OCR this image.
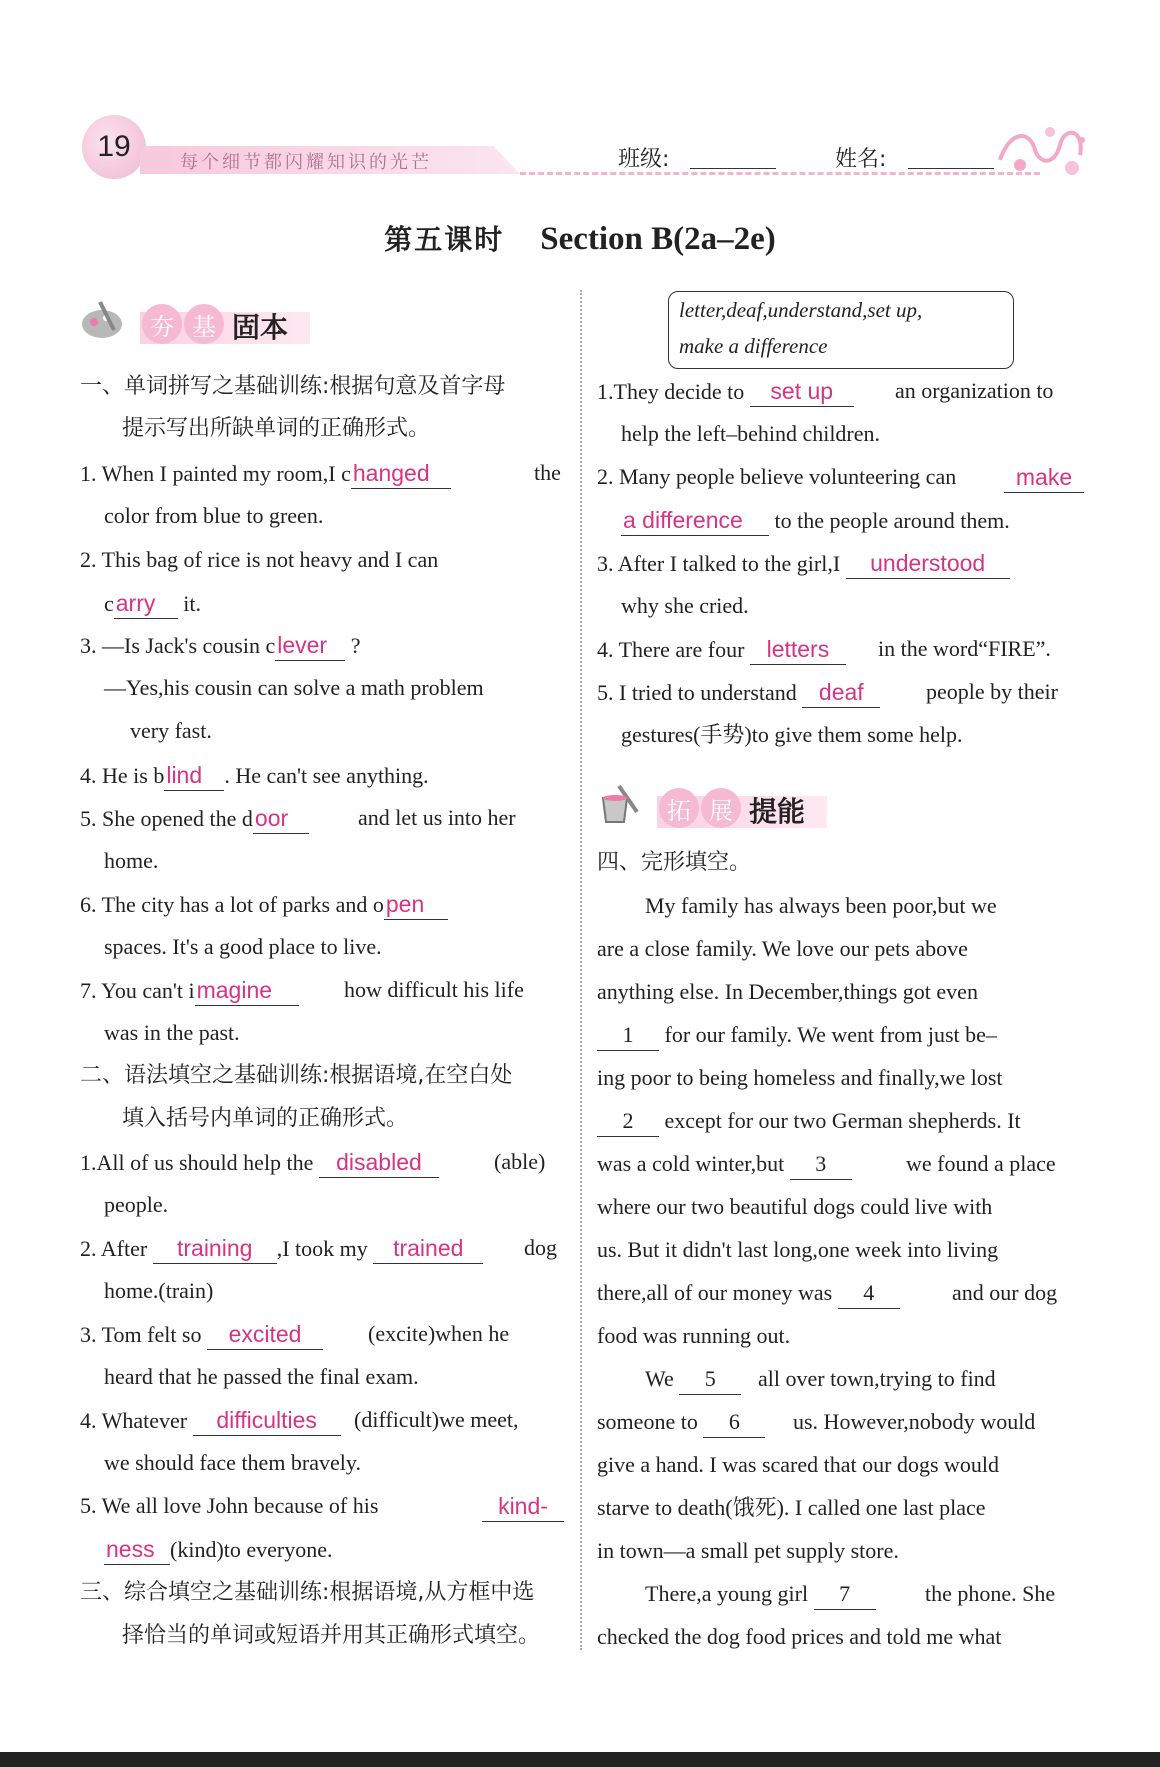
19	每个细节都闪耀知识的光芒	班级:	姓名:
第五课时 Section B(2a–2e)
夯 基 固本
一、单词拼写之基础训练:根据句意及首字母
提示写出所缺单词的正确形式。
1. When I painted my room,I changed	the
color from blue to green.
2. This bag of rice is not heavy and I can
carry it.
3. —Is Jack's cousin clever ?
—Yes,his cousin can solve a math problem
very fast.
4. He is blind . He can't see anything.
5. She opened the door	and let us into her
home.
6. The city has a lot of parks and open
spaces. It's a good place to live.
7. You can't imagine	how difficult his life
was in the past.
二、语法填空之基础训练:根据语境,在空白处
填入括号内单词的正确形式。
1.All of us should help the disabled	(able)
people.
2. After training ,I took my trained	dog
home.(train)
3. Tom felt so excited	(excite)when he
heard that he passed the final exam.
4. Whatever difficulties	(difficult)we meet,
we should face them bravely.
5. We all love John because of his	kind-
ness (kind)to everyone.
三、综合填空之基础训练:根据语境,从方框中选
择恰当的单词或短语并用其正确形式填空。
letter,deaf,understand,set up,
make a difference
1.They decide to set up	an organization to
help the left–behind children.
2. Many people believe volunteering can	make
a difference to the people around them.
3. After I talked to the girl,I understood
why she cried.
4. There are four letters	in the word“FIRE”.
5. I tried to understand deaf	people by their
gestures(手势)to give them some help.
拓 展 提能
四、完形填空。
My family has always been poor,but we
are a close family. We love our pets above
anything else. In December,things got even
1 for our family. We went from just be–
ing poor to being homeless and finally,we lost
2 except for our two German shepherds. It
was a cold winter,but 3	we found a place
where our two beautiful dogs could live with
us. But it didn't last long,one week into living
there,all of our money was 4	and our dog
food was running out.
We 5	all over town,trying to find
someone to 6	us. However,nobody would
give a hand. I was scared that our dogs would
starve to death(饿死). I called one last place
in town—a small pet supply store.
There,a young girl 7	the phone. She
checked the dog food prices and told me what
